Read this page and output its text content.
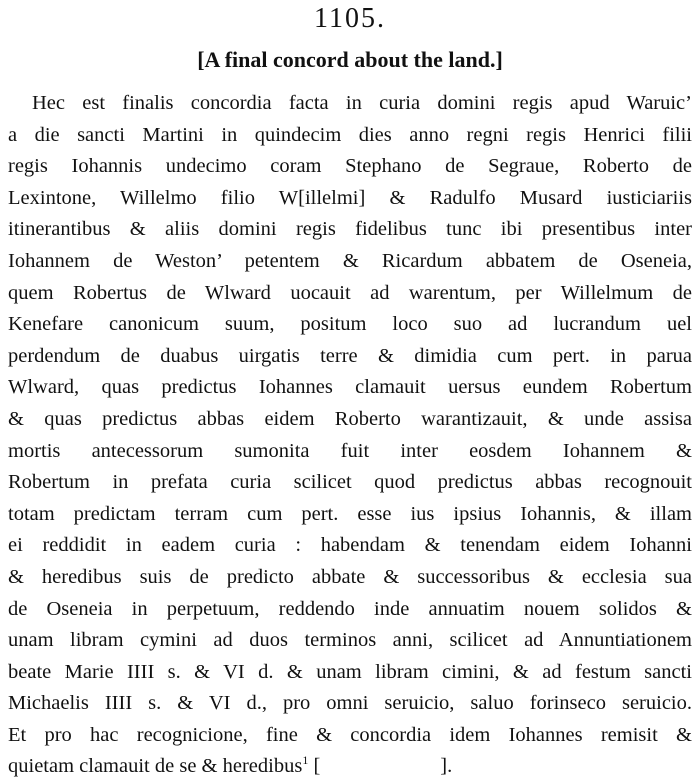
1105.
[A final concord about the land.]
Hec est finalis concordia facta in curia domini regis apud Waruic’
a die sancti Martini in quindecim dies anno regni regis Henrici filii
regis Iohannis undecimo coram Stephano de Segraue, Roberto de
Lexintone, Willelmo filio W[illelmi] & Radulfo Musard iusticiariis
itinerantibus & aliis domini regis fidelibus tunc ibi presentibus inter
Iohannem de Weston’ petentem & Ricardum abbatem de Oseneia,
quem Robertus de Wlward uocauit ad warentum, per Willelmum de
Kenefare canonicum suum, positum loco suo ad lucrandum uel
perdendum de duabus uirgatis terre & dimidia cum pert. in parua
Wlward, quas predictus Iohannes clamauit uersus eundem Robertum
& quas predictus abbas eidem Roberto warantizauit, & unde assisa
mortis antecessorum sumonita fuit inter eosdem Iohannem &
Robertum in prefata curia scilicet quod predictus abbas recognouit
totam predictam terram cum pert. esse ius ipsius Iohannis, & illam
ei reddidit in eadem curia : habendam & tenendam eidem Iohanni
& heredibus suis de predicto abbate & successoribus & ecclesia sua
de Oseneia in perpetuum, reddendo inde annuatim nouem solidos &
unam libram cymini ad duos terminos anni, scilicet ad Annuntiationem
beate Marie IIII s. & VI d. & unam libram cimini, & ad festum sancti
Michaelis IIII s. & VI d., pro omni seruicio, saluo forinseco seruicio.
Et pro hac recognicione, fine & concordia idem Iohannes remisit &
quietam clamauit de se & heredibus$^1$ [	].
